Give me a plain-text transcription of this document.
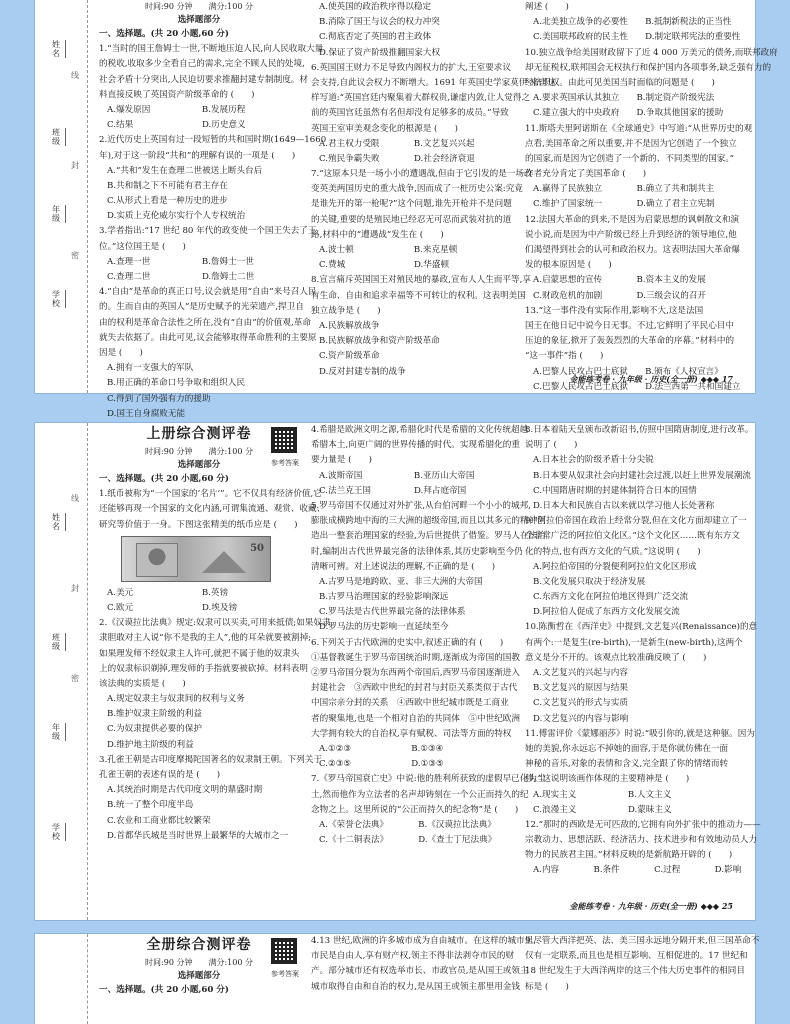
姓名
班级
年级
学校
线
封
密
时间:90 分钟　　满分:100 分
选择题部分
一、选择题。(共 20 小题,60 分)
1.“当时的国王詹姆士一世,不断地压迫人民,向人民收取大量
的税收,收取多少全看自己的需求,完全不顾人民的处境,
社会矛盾十分突出,人民迫切要求推翻封建专制制度。材
料直接反映了英国资产阶级革命的 (　　)
A.爆发原因　　　　　　B.发展历程
C.结果　　　　　　　　D.历史意义
2.近代历史上英国有过一段短暂的共和国时期(1649—1660
年),对于这一阶段“共和”的理解有误的一项是 (　　)
A.“共和”发生在查理二世被送上断头台后
B.共和制之下不可能有君主存在
C.从形式上看是一种历史的进步
D.实质上克伦威尔实行个人专权统治
3.学者指出:“17 世纪 80 年代的政变使一个国王失去了王
位。”这位国王是 (　　)
A.查理一世　　　　　　B.詹姆士一世
C.查理二世　　　　　　D.詹姆士二世
4.“自由”是革命的真正口号,议会就是用“自由”来号召人民
的。生而自由的英国人”是历史赋予的光荣遗产,捍卫自
由的权利是革命合法性之所在,没有“自由”的价值观,革命
就失去依据了。由此可见,议会能够取得革命胜利的主要原
因是 (　　)
A.拥有一支强大的军队
B.用正确的革命口号争取和组织人民
C.得到了国外强有力的援助
D.国王自身腐败无能
A.使英国的政治秩序得以稳定
B.消除了国王与议会的权力冲突
C.彻底否定了英国的君主政体
D.保证了资产阶级推翻国家大权
6.英国国王财力不足导致内阁权力的扩大,王室要求议
会支持,自此议会权力不断增大。1691 年英国史学家莫伊·来言这
样写道:“英国宫廷内聚集着大群权贵,谦虚内敛,让人觉得之
前的英国宫廷虽然有名但却没有足够多的成员。”导致
英国王室审美观念变化的根源是 (　　)
A.君主权力受限　　　　B.文艺复兴兴起
C.殖民争霸失败　　　　D.社会经济衰退
7.“这原本只是一场小小的遭遇战,但由于它引发的是一场改
变英美两国历史的重大战争,因而成了一桩历史公案:究竟
是谁先开的第一枪呢?”这个问题,谁先开枪并不是问题
的关键,重要的是殖民地已经忍无可忍而武装对抗的道
路,材料中的“遭遇战”发生在 (　　)
A.波士顿　　　　　　　B.来克星顿
C.费城　　　　　　　　D.华盛顿
8.宣言痛斥英国国王对殖民地的暴政,宣布人人生而平等,享
有生命、自由和追求幸福等不可转让的权利。这表明美国
独立战争是 (　　)
A.民族解放战争
B.民族解放战争和资产阶级革命
C.资产阶级革命
D.反对封建专制的战争
阐述 (　　)
A.北美独立战争的必要性　　B.抵制新税法的正当性
C.美国联邦政府的民主性　　D.制定联邦宪法的重要性
10.独立战争给美国财政留下了近 4 000 万美元的债务,而联邦政府
却无征税权,联邦国会无权执行和保护国内各项事务,缺乏强有力的
经济职权。由此可见美国当时面临的问题是 (　　)
A.要求英国承认其独立　　B.制定资产阶级宪法
C.建立强大的中央政府　　D.争取其他国家的援助
11.斯塔夫里阿诺斯在《全球通史》中写道:“从世界历史的观
点看,美国革命之所以重要,并不是因为它创造了一个独立
的国家,而是因为它创造了一个新的、不同类型的国家。”
作者充分肯定了美国革命 (　　)
A.赢得了民族独立　　　　B.确立了共和制共主
C.维护了国家统一　　　　D.确立了君主立宪制
12.法国大革命的到来,不是因为启蒙思想的讽刺散文和演
说小说,而是因为中产阶级已经上升到经济的领导地位,他
们渴望得到社会的认可和政治权力。这表明法国大革命爆
发的根本原因是 (　　)
A.启蒙思想的宣传　　　　B.资本主义的发展
C.财政危机的加剧　　　　D.三级会议的召开
13.“这一事件没有实际作用,影响不大,这是法国
国王在他日记中说今日无事。不过,它鲜明了平民心目中
压迫的象征,掀开了轰轰烈烈的大革命的序幕。”材料中的
“这一事件”指 (　　)
A.巴黎人民攻占巴士底狱　　B.颁布《人权宣言》
C.巴黎人民攻占巴士底狱　　D.法兰西第一共和国建立
金能练考卷 · 九年级 · 历史(全一册) ◆◆◆ 17
姓名
班级
年级
学校
线
封
密
上册综合测评卷
时间:90 分钟　　满分:100 分
选择题部分	参考答案
一、选择题。(共 20 小题,60 分)
1.纸币被称为“一个国家的‘名片’”。它不仅具有经济价值,它
还能够再现一个国家的文化内涵,可谓集流通、观赏、收藏、
研究等价值于一身。下图这张精美的纸币应是 (　　)
50
A.美元　　　　　　　　B.英镑
C.欧元　　　　　　　　D.埃及镑
2.《汉谟拉比法典》规定:奴隶可以买卖,可用来抵债;如果奴隶
隶胆敢对主人说“你不是我的主人”,他的耳朵就要被割掉;
如果理发师不经奴隶主人许可,就把不属于他的奴隶头
上的奴隶标识剃掉,理发师的手指就要被砍掉。材料表明
该法典的实质是 (　　)
A.规定奴隶主与奴隶间的权利与义务
B.维护奴隶主阶级的利益
C.为奴隶提供必要的保护
D.维护地主阶级的利益
3.孔雀王朝是古印度摩揭陀国著名的奴隶制王朝。下列关于
孔雀王朝的表述有误的是 (　　)
A.其统治时期是古代印度文明的鼎盛时期
B.统一了整个印度半岛
C.农业和工商业都比较繁荣
D.首都华氏城是当时世界上最繁华的大城市之一
4.希腊是欧洲文明之源,希腊化时代是希腊的文化传统超越
希腊本土,向更广阔的世界传播的时代。实现希腊化的重
要力量是 (　　)
A.波斯帝国　　　　　　B.亚历山大帝国
C.法兰克王国　　　　　D.拜占庭帝国
5.罗马帝国不仅通过对外扩张,从台伯河畔一个小小的城邦,
膨胀成横跨地中海的三大洲的超级帝国,而且以其多元的精神创
造出一整套治理国家的经验,为后世提供了借鉴。罗马人在法治
时,编制出古代世界最完备的法律体系,其历史影响至今仍
清晰可辨。对上述说法的理解,不正确的是 (　　)
A.古罗马是地跨欧、亚、非三大洲的大帝国
B.古罗马治理国家的经验影响深远
C.罗马法是古代世界最完备的法律体系
D.罗马法的历史影响一直延续至今
6.下列关于古代欧洲的史实中,叙述正确的有 (　　)
①基督教诞生于罗马帝国统治时期,逐渐成为帝国的国教
②罗马帝国分裂为东西两个帝国后,西罗马帝国逐渐进入
封建社会　③西欧中世纪的封君与封臣关系类似于古代
中国宗亲分封的关系　④西欧中世纪城市既是工商业
者的聚集地,也是一个相对自治的共同体　⑤中世纪欧洲
大学拥有较大的自治权,享有赋税、司法等方面的特权
A.①②③　　　　　　　B.①③④
C.②③⑤　　　　　　　D.①③⑤
7.《罗马帝国衰亡史》中说:他的胜利所获致的虚假早已化为尘
土,然而他作为立法者的名声却铸刻在一个公正而持久的纪
念物之上。这里所说的“公正而持久的纪念物”是 (　　)
A.《荣誉仑法典》　　　　B.《汉谟拉比法典》
C.《十二铜表法》　　　　D.《查士丁尼法典》
8.日本着陆天皇颁布改新诏书,仿照中国隋唐制度,进行改革。
说明了 (　　)
A.日本社会的阶级矛盾十分尖锐
B.日本要从奴隶社会向封建社会过渡,以赶上世界发展潮流
C.中国隋唐时期的封建体制符合日本的国情
D.日本大和民族自古以来就以学习他人长处著称
9.“阿拉伯帝国在政治上经常分裂,但在文化方面却建立了一
个非常广泛的阿拉伯文化区。”这个文化区……既有东方文
化的特点,也有西方文化的气质。”这说明 (　　)
A.阿拉伯帝国的分裂便利阿拉伯文化区形成
B.文化发展只取决于经济发展
C.东西方文化在阿拉伯地区得到广泛交流
D.阿拉伯人促成了东西方文化发展交流
10.陈衡哲在《西洋史》中提到,文艺复兴(Renaissance)的意
有两个:一是复生(re-birth),一是新生(new-birth),这两个
意义是分不开的。该观点比较准确反映了 (　　)
A.文艺复兴的兴起与内容
B.文艺复兴的原因与结果
C.文艺复兴的形式与实质
D.文艺复兴的内容与影响
11.傅雷评价《蒙娜丽莎》时说:“吸引你的,就是这种躯。因为
她的美貌,你永远忘不掉她的面容,于是你就仿佛在一面
神秘的音乐,对象的表情和含义,完全跟了你的情绪而转
移。”这说明该画作体现的主要精神是 (　　)
A.现实主义　　　　　　B.人文主义
C.浪漫主义　　　　　　D.蒙昧主义
12.“那时的西欧是无可匹敌的,它拥有向外扩张中的推动力——
宗教动力、思想活跃、经济活力、技术进步和有效地动员人力
物力的民族君主国。”材料反映的是新航路开辟的 (　　)
A.内容　　　　B.条件　　　　C.过程　　　　D.影响
金能练考卷 · 九年级 · 历史(全一册) ◆◆◆ 25
全册综合测评卷
时间:90 分钟　　满分:100 分
选择题部分	参考答案
一、选择题。(共 20 小题,60 分)
4.13 世纪,欧洲的许多城市成为自由城市。在这样的城市里,
市民是自由人,享有财产权,领主不得非法剥夺市民的财
产。部分城市还有权选举市长、市政官员,是从国王或领主
城市取得自由和自治的权力,是从国王或领主那里用金钱
9.尽管大西洋把英、法、美三国永远地分隔开来,但三国革命不
仅有一定联系,而且也是相互影响、互相促进的。17 世纪和
18 世纪发生于大西洋两岸的这三个伟大历史事件的相同目
标是 (　　)
